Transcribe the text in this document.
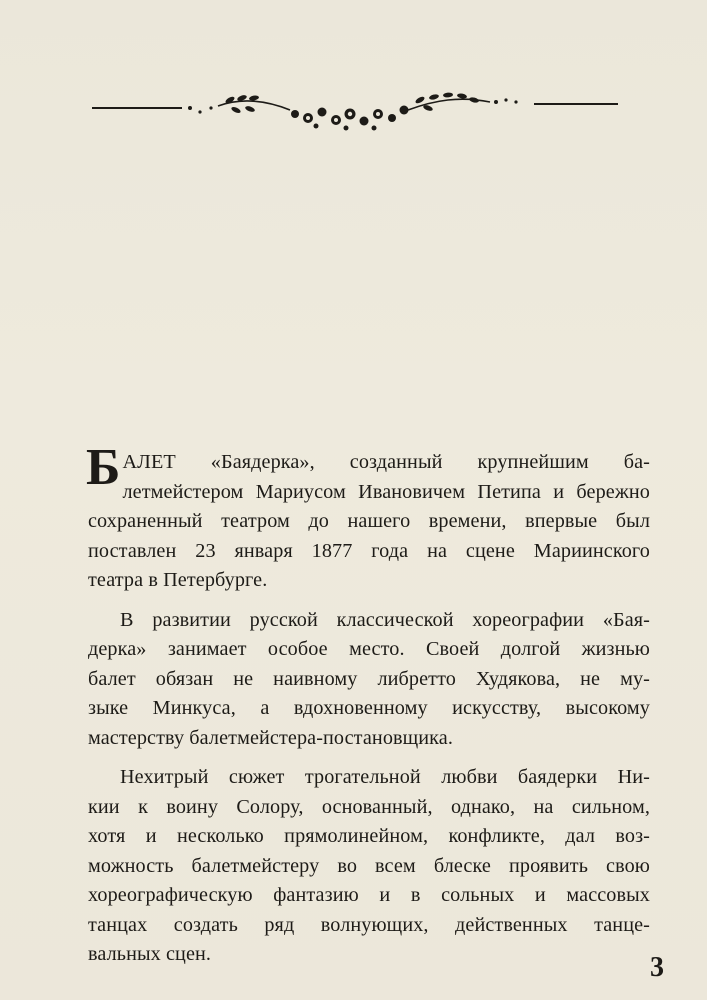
Б АЛЕТ «Баядерка», созданный крупнейшим ба-
летмейстером Мариусом Ивановичем Петипа и бережно
сохраненный театром до нашего времени, впервые был
поставлен 23 января 1877 года на сцене Мариинского
театра в Петербурге.
В развитии русской классической хореографии «Бая-
дерка» занимает особое место. Своей долгой жизнью
балет обязан не наивному либретто Худякова, не му-
зыке Минкуса, а вдохновенному искусству, высокому
мастерству балетмейстера-постановщика.
Нехитрый сюжет трогательной любви баядерки Ни-
кии к воину Солору, основанный, однако, на сильном,
хотя и несколько прямолинейном, конфликте, дал воз-
можность балетмейстеру во всем блеске проявить свою
хореографическую фантазию и в сольных и массовых
танцах создать ряд волнующих, действенных танце-
вальных сцен.	3
